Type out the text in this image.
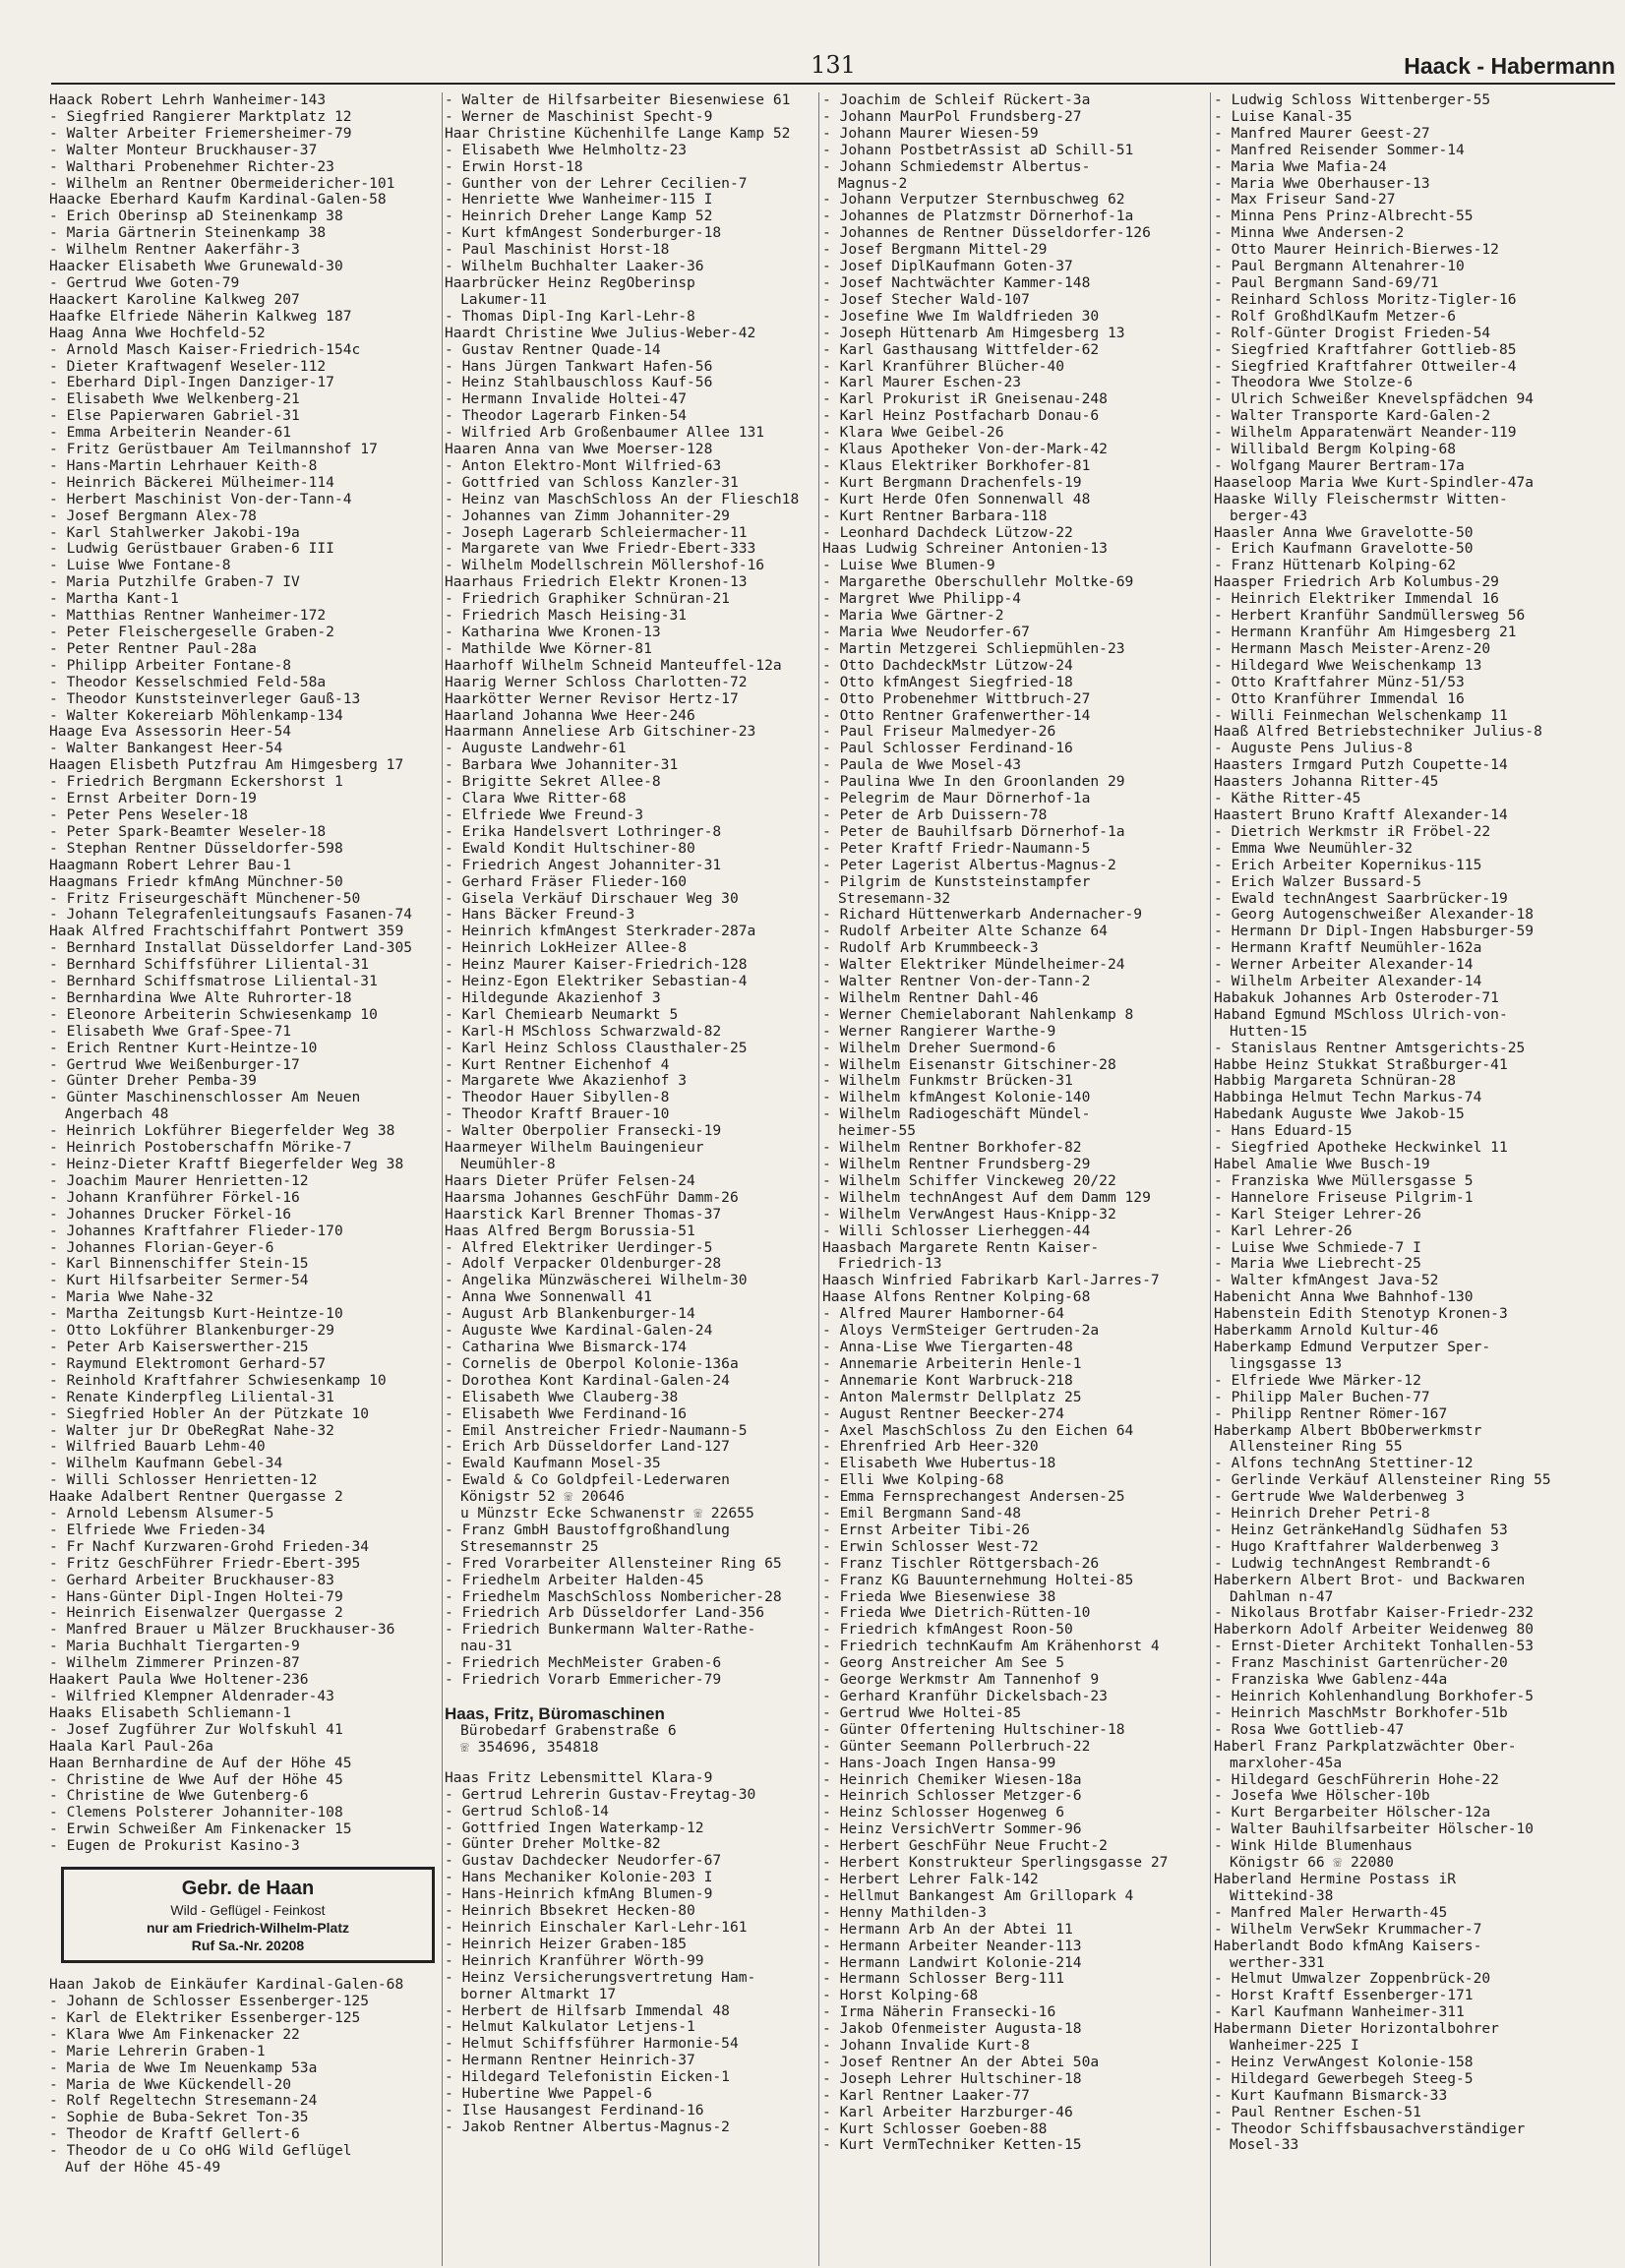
131	Haack - Habermann
Haack Robert Lehrh Wanheimer-143
- Siegfried Rangierer Marktplatz 12
- Walter Arbeiter Friemersheimer-79
- Walter Monteur Bruckhauser-37
- Walthari Probenehmer Richter-23
- Wilhelm an Rentner Obermeidericher-101
Haacke Eberhard Kaufm Kardinal-Galen-58
- Erich Oberinsp aD Steinenkamp 38
- Maria Gärtnerin Steinenkamp 38
- Wilhelm Rentner Aakerfähr-3
Haacker Elisabeth Wwe Grunewald-30
- Gertrud Wwe Goten-79
Haackert Karoline Kalkweg 207
Haafke Elfriede Näherin Kalkweg 187
Haag Anna Wwe Hochfeld-52
- Arnold Masch Kaiser-Friedrich-154c
- Dieter Kraftwagenf Weseler-112
- Eberhard Dipl-Ingen Danziger-17
- Elisabeth Wwe Welkenberg-21
- Else Papierwaren Gabriel-31
- Emma Arbeiterin Neander-61
- Fritz Gerüstbauer Am Teilmannshof 17
- Hans-Martin Lehrhauer Keith-8
- Heinrich Bäckerei Mülheimer-114
- Herbert Maschinist Von-der-Tann-4
- Josef Bergmann Alex-78
- Karl Stahlwerker Jakobi-19a
- Ludwig Gerüstbauer Graben-6 III
- Luise Wwe Fontane-8
- Maria Putzhilfe Graben-7 IV
- Martha Kant-1
- Matthias Rentner Wanheimer-172
- Peter Fleischergeselle Graben-2
- Peter Rentner Paul-28a
- Philipp Arbeiter Fontane-8
- Theodor Kesselschmied Feld-58a
- Theodor Kunststeinverleger Gauß-13
- Walter Kokereiarb Möhlenkamp-134
Haage Eva Assessorin Heer-54
- Walter Bankangest Heer-54
Haagen Elisbeth Putzfrau Am Himgesberg 17
- Friedrich Bergmann Eckershorst 1
- Ernst Arbeiter Dorn-19
- Peter Pens Weseler-18
- Peter Spark-Beamter Weseler-18
- Stephan Rentner Düsseldorfer-598
Haagmann Robert Lehrer Bau-1
Haagmans Friedr kfmAng Münchner-50
- Fritz Friseurgeschäft Münchener-50
- Johann Telegrafenleitungsaufs Fasanen-74
Haak Alfred Frachtschiffahrt Pontwert 359
- Bernhard Installat Düsseldorfer Land-305
- Bernhard Schiffsführer Liliental-31
- Bernhard Schiffsmatrose Liliental-31
- Bernhardina Wwe Alte Ruhrorter-18
- Eleonore Arbeiterin Schwiesenkamp 10
- Elisabeth Wwe Graf-Spee-71
- Erich Rentner Kurt-Heintze-10
- Gertrud Wwe Weißenburger-17
- Günter Dreher Pemba-39
- Günter Maschinenschlosser Am Neuen
Angerbach 48
- Heinrich Lokführer Biegerfelder Weg 38
- Heinrich Postoberschaffn Mörike-7
- Heinz-Dieter Kraftf Biegerfelder Weg 38
- Joachim Maurer Henrietten-12
- Johann Kranführer Förkel-16
- Johannes Drucker Förkel-16
- Johannes Kraftfahrer Flieder-170
- Johannes Florian-Geyer-6
- Karl Binnenschiffer Stein-15
- Kurt Hilfsarbeiter Sermer-54
- Maria Wwe Nahe-32
- Martha Zeitungsb Kurt-Heintze-10
- Otto Lokführer Blankenburger-29
- Peter Arb Kaiserswerther-215
- Raymund Elektromont Gerhard-57
- Reinhold Kraftfahrer Schwiesenkamp 10
- Renate Kinderpfleg Liliental-31
- Siegfried Hobler An der Pützkate 10
- Walter jur Dr ObeRegRat Nahe-32
- Wilfried Bauarb Lehm-40
- Wilhelm Kaufmann Gebel-34
- Willi Schlosser Henrietten-12
Haake Adalbert Rentner Quergasse 2
- Arnold Lebensm Alsumer-5
- Elfriede Wwe Frieden-34
- Fr Nachf Kurzwaren-Grohd Frieden-34
- Fritz GeschFührer Friedr-Ebert-395
- Gerhard Arbeiter Bruckhauser-83
- Hans-Günter Dipl-Ingen Holtei-79
- Heinrich Eisenwalzer Quergasse 2
- Manfred Brauer u Mälzer Bruckhauser-36
- Maria Buchhalt Tiergarten-9
- Wilhelm Zimmerer Prinzen-87
Haakert Paula Wwe Holtener-236
- Wilfried Klempner Aldenrader-43
Haaks Elisabeth Schliemann-1
- Josef Zugführer Zur Wolfskuhl 41
Haala Karl Paul-26a
Haan Bernhardine de Auf der Höhe 45
- Christine de Wwe Auf der Höhe 45
- Christine de Wwe Gutenberg-6
- Clemens Polsterer Johanniter-108
- Erwin Schweißer Am Finkenacker 15
- Eugen de Prokurist Kasino-3
Gebr. de Haan
Wild - Geflügel - Feinkost
nur am Friedrich-Wilhelm-Platz
Ruf Sa.-Nr. 20208
Haan Jakob de Einkäufer Kardinal-Galen-68
- Johann de Schlosser Essenberger-125
- Karl de Elektriker Essenberger-125
- Klara Wwe Am Finkenacker 22
- Marie Lehrerin Graben-1
- Maria de Wwe Im Neuenkamp 53a
- Maria de Wwe Kückendell-20
- Rolf Regeltechn Stresemann-24
- Sophie de Buba-Sekret Ton-35
- Theodor de Kraftf Gellert-6
- Theodor de u Co oHG Wild Geflügel
Auf der Höhe 45-49
- Walter de Hilfsarbeiter Biesenwiese 61
- Werner de Maschinist Specht-9
Haar Christine Küchenhilfe Lange Kamp 52
- Elisabeth Wwe Helmholtz-23
- Erwin Horst-18
- Gunther von der Lehrer Cecilien-7
- Henriette Wwe Wanheimer-115 I
- Heinrich Dreher Lange Kamp 52
- Kurt kfmAngest Sonderburger-18
- Paul Maschinist Horst-18
- Wilhelm Buchhalter Laaker-36
Haarbrücker Heinz RegOberinsp
Lakumer-11
- Thomas Dipl-Ing Karl-Lehr-8
Haardt Christine Wwe Julius-Weber-42
- Gustav Rentner Quade-14
- Hans Jürgen Tankwart Hafen-56
- Heinz Stahlbauschloss Kauf-56
- Hermann Invalide Holtei-47
- Theodor Lagerarb Finken-54
- Wilfried Arb Großenbaumer Allee 131
Haaren Anna van Wwe Moerser-128
- Anton Elektro-Mont Wilfried-63
- Gottfried van Schloss Kanzler-31
- Heinz van MaschSchloss An der Fliesch18
- Johannes van Zimm Johanniter-29
- Joseph Lagerarb Schleiermacher-11
- Margarete van Wwe Friedr-Ebert-333
- Wilhelm Modellschrein Möllershof-16
Haarhaus Friedrich Elektr Kronen-13
- Friedrich Graphiker Schnüran-21
- Friedrich Masch Heising-31
- Katharina Wwe Kronen-13
- Mathilde Wwe Körner-81
Haarhoff Wilhelm Schneid Manteuffel-12a
Haarig Werner Schloss Charlotten-72
Haarkötter Werner Revisor Hertz-17
Haarland Johanna Wwe Heer-246
Haarmann Anneliese Arb Gitschiner-23
- Auguste Landwehr-61
- Barbara Wwe Johanniter-31
- Brigitte Sekret Allee-8
- Clara Wwe Ritter-68
- Elfriede Wwe Freund-3
- Erika Handelsvert Lothringer-8
- Ewald Kondit Hultschiner-80
- Friedrich Angest Johanniter-31
- Gerhard Fräser Flieder-160
- Gisela Verkäuf Dirschauer Weg 30
- Hans Bäcker Freund-3
- Heinrich kfmAngest Sterkrader-287a
- Heinrich LokHeizer Allee-8
- Heinz Maurer Kaiser-Friedrich-128
- Heinz-Egon Elektriker Sebastian-4
- Hildegunde Akazienhof 3
- Karl Chemiearb Neumarkt 5
- Karl-H MSchloss Schwarzwald-82
- Karl Heinz Schloss Clausthaler-25
- Kurt Rentner Eichenhof 4
- Margarete Wwe Akazienhof 3
- Theodor Hauer Sibyllen-8
- Theodor Kraftf Brauer-10
- Walter Oberpolier Fransecki-19
Haarmeyer Wilhelm Bauingenieur
Neumühler-8
Haars Dieter Prüfer Felsen-24
Haarsma Johannes GeschFühr Damm-26
Haarstick Karl Brenner Thomas-37
Haas Alfred Bergm Borussia-51
- Alfred Elektriker Uerdinger-5
- Adolf Verpacker Oldenburger-28
- Angelika Münzwäscherei Wilhelm-30
- Anna Wwe Sonnenwall 41
- August Arb Blankenburger-14
- Auguste Wwe Kardinal-Galen-24
- Catharina Wwe Bismarck-174
- Cornelis de Oberpol Kolonie-136a
- Dorothea Kont Kardinal-Galen-24
- Elisabeth Wwe Clauberg-38
- Elisabeth Wwe Ferdinand-16
- Emil Anstreicher Friedr-Naumann-5
- Erich Arb Düsseldorfer Land-127
- Ewald Kaufmann Mosel-35
- Ewald & Co Goldpfeil-Lederwaren
Königstr 52 ☏ 20646
u Münzstr Ecke Schwanenstr ☏ 22655
- Franz GmbH Baustoffgroßhandlung
Stresemannstr 25
- Fred Vorarbeiter Allensteiner Ring 65
- Friedhelm Arbeiter Halden-45
- Friedhelm MaschSchloss Nombericher-28
- Friedrich Arb Düsseldorfer Land-356
- Friedrich Bunkermann Walter-Rathe-
nau-31
- Friedrich MechMeister Graben-6
- Friedrich Vorarb Emmericher-79
Haas, Fritz, Büromaschinen
Bürobedarf Grabenstraße 6
☏ 354696, 354818
Haas Fritz Lebensmittel Klara-9
- Gertrud Lehrerin Gustav-Freytag-30
- Gertrud Schloß-14
- Gottfried Ingen Waterkamp-12
- Günter Dreher Moltke-82
- Gustav Dachdecker Neudorfer-67
- Hans Mechaniker Kolonie-203 I
- Hans-Heinrich kfmAng Blumen-9
- Heinrich Bbsekret Hecken-80
- Heinrich Einschaler Karl-Lehr-161
- Heinrich Heizer Graben-185
- Heinrich Kranführer Wörth-99
- Heinz Versicherungsvertretung Ham-
borner Altmarkt 17
- Herbert de Hilfsarb Immendal 48
- Helmut Kalkulator Letjens-1
- Helmut Schiffsführer Harmonie-54
- Hermann Rentner Heinrich-37
- Hildegard Telefonistin Eicken-1
- Hubertine Wwe Pappel-6
- Ilse Hausangest Ferdinand-16
- Jakob Rentner Albertus-Magnus-2
- Joachim de Schleif Rückert-3a
- Johann MaurPol Frundsberg-27
- Johann Maurer Wiesen-59
- Johann PostbetrAssist aD Schill-51
- Johann Schmiedemstr Albertus-
Magnus-2
- Johann Verputzer Sternbuschweg 62
- Johannes de Platzmstr Dörnerhof-1a
- Johannes de Rentner Düsseldorfer-126
- Josef Bergmann Mittel-29
- Josef DiplKaufmann Goten-37
- Josef Nachtwächter Kammer-148
- Josef Stecher Wald-107
- Josefine Wwe Im Waldfrieden 30
- Joseph Hüttenarb Am Himgesberg 13
- Karl Gasthausang Wittfelder-62
- Karl Kranführer Blücher-40
- Karl Maurer Eschen-23
- Karl Prokurist iR Gneisenau-248
- Karl Heinz Postfacharb Donau-6
- Klara Wwe Geibel-26
- Klaus Apotheker Von-der-Mark-42
- Klaus Elektriker Borkhofer-81
- Kurt Bergmann Drachenfels-19
- Kurt Herde Öfen Sonnenwall 48
- Kurt Rentner Barbara-118
- Leonhard Dachdeck Lützow-22
Haas Ludwig Schreiner Antonien-13
- Luise Wwe Blumen-9
- Margarethe Oberschullehr Moltke-69
- Margret Wwe Philipp-4
- Maria Wwe Gärtner-2
- Maria Wwe Neudorfer-67
- Martin Metzgerei Schliepmühlen-23
- Otto DachdeckMstr Lützow-24
- Otto kfmAngest Siegfried-18
- Otto Probenehmer Wittbruch-27
- Otto Rentner Grafenwerther-14
- Paul Friseur Malmedyer-26
- Paul Schlosser Ferdinand-16
- Paula de Wwe Mosel-43
- Paulina Wwe In den Groonlanden 29
- Pelegrim de Maur Dörnerhof-1a
- Peter de Arb Duissern-78
- Peter de Bauhilfsarb Dörnerhof-1a
- Peter Kraftf Friedr-Naumann-5
- Peter Lagerist Albertus-Magnus-2
- Pilgrim de Kunststeinstampfer
Stresemann-32
- Richard Hüttenwerkarb Andernacher-9
- Rudolf Arbeiter Alte Schanze 64
- Rudolf Arb Krummbeeck-3
- Walter Elektriker Mündelheimer-24
- Walter Rentner Von-der-Tann-2
- Wilhelm Rentner Dahl-46
- Werner Chemielaborant Nahlenkamp 8
- Werner Rangierer Warthe-9
- Wilhelm Dreher Suermond-6
- Wilhelm Eisenanstr Gitschiner-28
- Wilhelm Funkmstr Brücken-31
- Wilhelm kfmAngest Kolonie-140
- Wilhelm Radiogeschäft Mündel-
heimer-55
- Wilhelm Rentner Borkhofer-82
- Wilhelm Rentner Frundsberg-29
- Wilhelm Schiffer Vinckeweg 20/22
- Wilhelm technAngest Auf dem Damm 129
- Wilhelm VerwAngest Haus-Knipp-32
- Willi Schlosser Lierheggen-44
Haasbach Margarete Rentn Kaiser-
Friedrich-13
Haasch Winfried Fabrikarb Karl-Jarres-7
Haase Alfons Rentner Kolping-68
- Alfred Maurer Hamborner-64
- Aloys VermSteiger Gertruden-2a
- Anna-Lise Wwe Tiergarten-48
- Annemarie Arbeiterin Henle-1
- Annemarie Kont Warbruck-218
- Anton Malermstr Dellplatz 25
- August Rentner Beecker-274
- Axel MaschSchloss Zu den Eichen 64
- Ehrenfried Arb Heer-320
- Elisabeth Wwe Hubertus-18
- Elli Wwe Kolping-68
- Emma Fernsprechangest Andersen-25
- Emil Bergmann Sand-48
- Ernst Arbeiter Tibi-26
- Erwin Schlosser West-72
- Franz Tischler Röttgersbach-26
- Franz KG Bauunternehmung Holtei-85
- Frieda Wwe Biesenwiese 38
- Frieda Wwe Dietrich-Rütten-10
- Friedrich kfmAngest Roon-50
- Friedrich technKaufm Am Krähenhorst 4
- Georg Anstreicher Am See 5
- George Werkmstr Am Tannenhof 9
- Gerhard Kranführ Dickelsbach-23
- Gertrud Wwe Holtei-85
- Günter Offertening Hultschiner-18
- Günter Seemann Pollerbruch-22
- Hans-Joach Ingen Hansa-99
- Heinrich Chemiker Wiesen-18a
- Heinrich Schlosser Metzger-6
- Heinz Schlosser Hogenweg 6
- Heinz VersichVertr Sommer-96
- Herbert GeschFühr Neue Frucht-2
- Herbert Konstrukteur Sperlingsgasse 27
- Herbert Lehrer Falk-142
- Hellmut Bankangest Am Grillopark 4
- Henny Mathilden-3
- Hermann Arb An der Abtei 11
- Hermann Arbeiter Neander-113
- Hermann Landwirt Kolonie-214
- Hermann Schlosser Berg-111
- Horst Kolping-68
- Irma Näherin Fransecki-16
- Jakob Ofenmeister Augusta-18
- Johann Invalide Kurt-8
- Josef Rentner An der Abtei 50a
- Joseph Lehrer Hultschiner-18
- Karl Rentner Laaker-77
- Karl Arbeiter Harzburger-46
- Kurt Schlosser Goeben-88
- Kurt VermTechniker Ketten-15
- Ludwig Schloss Wittenberger-55
- Luise Kanal-35
- Manfred Maurer Geest-27
- Manfred Reisender Sommer-14
- Maria Wwe Mafia-24
- Maria Wwe Oberhauser-13
- Max Friseur Sand-27
- Minna Pens Prinz-Albrecht-55
- Minna Wwe Andersen-2
- Otto Maurer Heinrich-Bierwes-12
- Paul Bergmann Altenahrer-10
- Paul Bergmann Sand-69/71
- Reinhard Schloss Moritz-Tigler-16
- Rolf GroßhdlKaufm Metzer-6
- Rolf-Günter Drogist Frieden-54
- Siegfried Kraftfahrer Gottlieb-85
- Siegfried Kraftfahrer Ottweiler-4
- Theodora Wwe Stolze-6
- Ulrich Schweißer Knevelspfädchen 94
- Walter Transporte Kard-Galen-2
- Wilhelm Apparatenwärt Neander-119
- Willibald Bergm Kolping-68
- Wolfgang Maurer Bertram-17a
Haaseloop Maria Wwe Kurt-Spindler-47a
Haaske Willy Fleischermstr Witten-
berger-43
Haasler Anna Wwe Gravelotte-50
- Erich Kaufmann Gravelotte-50
- Franz Hüttenarb Kolping-62
Haasper Friedrich Arb Kolumbus-29
- Heinrich Elektriker Immendal 16
- Herbert Kranführ Sandmüllersweg 56
- Hermann Kranführ Am Himgesberg 21
- Hermann Masch Meister-Arenz-20
- Hildegard Wwe Weischenkamp 13
- Otto Kraftfahrer Münz-51/53
- Otto Kranführer Immendal 16
- Willi Feinmechan Welschenkamp 11
Haaß Alfred Betriebstechniker Julius-8
- Auguste Pens Julius-8
Haasters Irmgard Putzh Coupette-14
Haasters Johanna Ritter-45
- Käthe Ritter-45
Haastert Bruno Kraftf Alexander-14
- Dietrich Werkmstr iR Fröbel-22
- Emma Wwe Neumühler-32
- Erich Arbeiter Kopernikus-115
- Erich Walzer Bussard-5
- Ewald technAngest Saarbrücker-19
- Georg Autogenschweißer Alexander-18
- Hermann Dr Dipl-Ingen Habsburger-59
- Hermann Kraftf Neumühler-162a
- Werner Arbeiter Alexander-14
- Wilhelm Arbeiter Alexander-14
Habakuk Johannes Arb Osteroder-71
Haband Egmund MSchloss Ulrich-von-
Hutten-15
- Stanislaus Rentner Amtsgerichts-25
Habbe Heinz Stukkat Straßburger-41
Habbig Margareta Schnüran-28
Habbinga Helmut Techn Markus-74
Habedank Auguste Wwe Jakob-15
- Hans Eduard-15
- Siegfried Apotheke Heckwinkel 11
Habel Amalie Wwe Busch-19
- Franziska Wwe Müllersgasse 5
- Hannelore Friseuse Pilgrim-1
- Karl Steiger Lehrer-26
- Karl Lehrer-26
- Luise Wwe Schmiede-7 I
- Maria Wwe Liebrecht-25
- Walter kfmAngest Java-52
Habenicht Anna Wwe Bahnhof-130
Habenstein Edith Stenotyp Kronen-3
Haberkamm Arnold Kultur-46
Haberkamp Edmund Verputzer Sper-
lingsgasse 13
- Elfriede Wwe Märker-12
- Philipp Maler Buchen-77
- Philipp Rentner Römer-167
Haberkamp Albert BbOberwerkmstr
Allensteiner Ring 55
- Alfons technAng Stettiner-12
- Gerlinde Verkäuf Allensteiner Ring 55
- Gertrude Wwe Walderbenweg 3
- Heinrich Dreher Petri-8
- Heinz GetränkeHandlg Südhafen 53
- Hugo Kraftfahrer Walderbenweg 3
- Ludwig technAngest Rembrandt-6
Haberkern Albert Brot- und Backwaren
Dahlman n-47
- Nikolaus Brotfabr Kaiser-Friedr-232
Haberkorn Adolf Arbeiter Weidenweg 80
- Ernst-Dieter Architekt Tonhallen-53
- Franz Maschinist Gartenrücher-20
- Franziska Wwe Gablenz-44a
- Heinrich Kohlenhandlung Borkhofer-5
- Heinrich MaschMstr Borkhofer-51b
- Rosa Wwe Gottlieb-47
Haberl Franz Parkplatzwächter Ober-
marxloher-45a
- Hildegard GeschFührerin Hohe-22
- Josefa Wwe Hölscher-10b
- Kurt Bergarbeiter Hölscher-12a
- Walter Bauhilfsarbeiter Hölscher-10
- Wink Hilde Blumenhaus
Königstr 66 ☏ 22080
Haberland Hermine Postass iR
Wittekind-38
- Manfred Maler Herwarth-45
- Wilhelm VerwSekr Krummacher-7
Haberlandt Bodo kfmAng Kaisers-
werther-331
- Helmut Umwalzer Zoppenbrück-20
- Horst Kraftf Essenberger-171
- Karl Kaufmann Wanheimer-311
Habermann Dieter Horizontalbohrer
Wanheimer-225 I
- Heinz VerwAngest Kolonie-158
- Hildegard Gewerbegeh Steeg-5
- Kurt Kaufmann Bismarck-33
- Paul Rentner Eschen-51
- Theodor Schiffsbausachverständiger
Mosel-33
